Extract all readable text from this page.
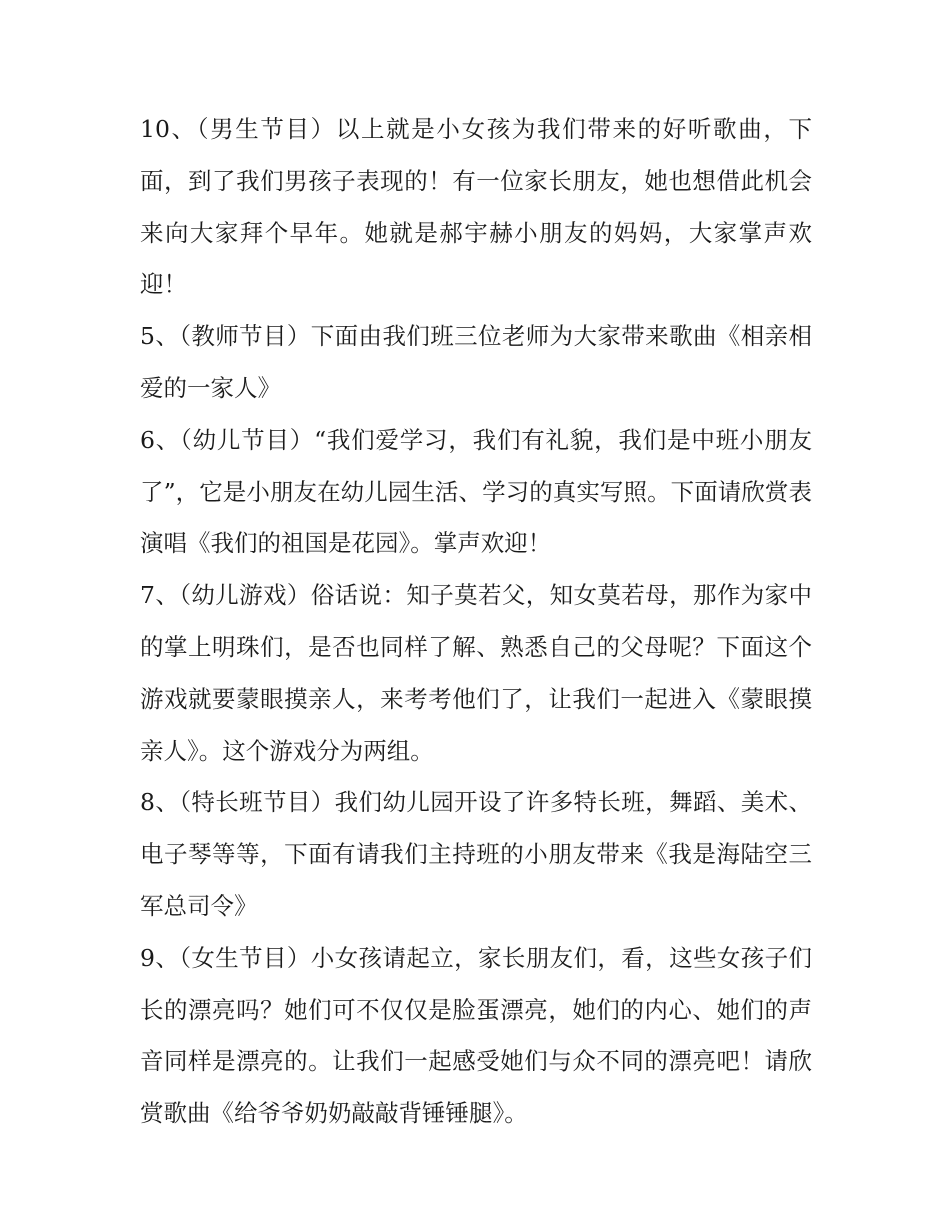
10、（男生节目）以上就是小女孩为我们带来的好听歌曲，下面，到了我们男孩子表现的！有一位家长朋友，她也想借此机会来向大家拜个早年。她就是郝宇赫小朋友的妈妈，大家掌声欢迎！

5、（教师节目）下面由我们班三位老师为大家带来歌曲《相亲相爱的一家人》

6、（幼儿节目）“我们爱学习，我们有礼貌，我们是中班小朋友了”，它是小朋友在幼儿园生活、学习的真实写照。下面请欣赏表演唱《我们的祖国是花园》。掌声欢迎！

7、（幼儿游戏）俗话说：知子莫若父，知女莫若母，那作为家中的掌上明珠们，是否也同样了解、熟悉自己的父母呢？下面这个游戏就要蒙眼摸亲人，来考考他们了，让我们一起进入《蒙眼摸亲人》。这个游戏分为两组。

8、（特长班节目）我们幼儿园开设了许多特长班，舞蹈、美术、电子琴等等，下面有请我们主持班的小朋友带来《我是海陆空三军总司令》

9、（女生节目）小女孩请起立，家长朋友们，看，这些女孩子们长的漂亮吗？她们可不仅仅是脸蛋漂亮，她们的内心、她们的声音同样是漂亮的。让我们一起感受她们与众不同的漂亮吧！请欣赏歌曲《给爷爷奶奶敲敲背锤锤腿》。
